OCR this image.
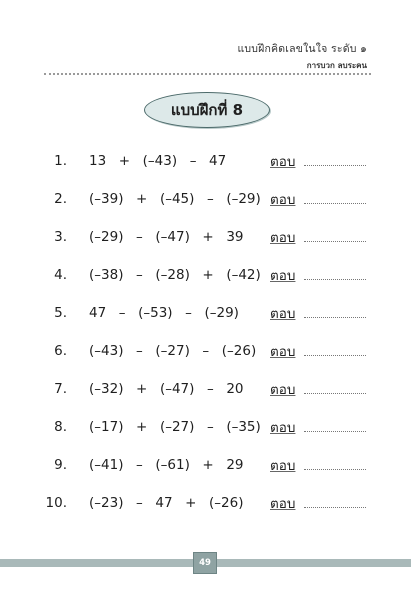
แบบฝึกคิดเลขในใจ ระดับ ๑
การบวก ลบระคน
แบบฝึกที่ 8
1. 13  +  (–43)  –  47	ตอบ
2. (–39)  +  (–45)  –  (–29) ตอบ
3. (–29)  –  (–47)  +  39 ตอบ
4. (–38)  –  (–28)  +  (–42) ตอบ
5. 47  –  (–53)  –  (–29) ตอบ
6. (–43)  –  (–27)  –  (–26) ตอบ
7. (–32)  +  (–47)  –  20 ตอบ
8. (–17)  +  (–27)  –  (–35) ตอบ
9. (–41)  –  (–61)  +  29 ตอบ
10. (–23)  –  47  +  (–26) ตอบ
49
